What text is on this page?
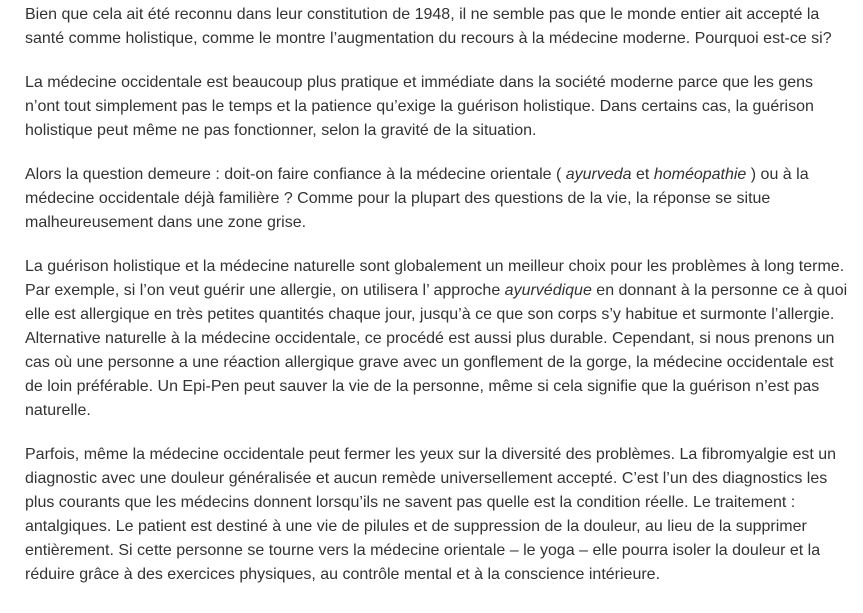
Bien que cela ait été reconnu dans leur constitution de 1948, il ne semble pas que le monde entier ait accepté la santé comme holistique, comme le montre l’augmentation du recours à la médecine moderne. Pourquoi est-ce si?

La médecine occidentale est beaucoup plus pratique et immédiate dans la société moderne parce que les gens n’ont tout simplement pas le temps et la patience qu’exige la guérison holistique. Dans certains cas, la guérison holistique peut même ne pas fonctionner, selon la gravité de la situation.

Alors la question demeure : doit-on faire confiance à la médecine orientale ( ayurveda et homéopathie ) ou à la médecine occidentale déjà familière ? Comme pour la plupart des questions de la vie, la réponse se situe malheureusement dans une zone grise.

La guérison holistique et la médecine naturelle sont globalement un meilleur choix pour les problèmes à long terme. Par exemple, si l’on veut guérir une allergie, on utilisera l’ approche ayurvédique en donnant à la personne ce à quoi elle est allergique en très petites quantités chaque jour, jusqu’à ce que son corps s’y habitue et surmonte l’allergie. Alternative naturelle à la médecine occidentale, ce procédé est aussi plus durable. Cependant, si nous prenons un cas où une personne a une réaction allergique grave avec un gonflement de la gorge, la médecine occidentale est de loin préférable. Un Epi-Pen peut sauver la vie de la personne, même si cela signifie que la guérison n’est pas naturelle.

Parfois, même la médecine occidentale peut fermer les yeux sur la diversité des problèmes. La fibromyalgie est un diagnostic avec une douleur généralisée et aucun remède universellement accepté. C’est l’un des diagnostics les plus courants que les médecins donnent lorsqu’ils ne savent pas quelle est la condition réelle. Le traitement : antalgiques. Le patient est destiné à une vie de pilules et de suppression de la douleur, au lieu de la supprimer entièrement. Si cette personne se tourne vers la médecine orientale – le yoga – elle pourra isoler la douleur et la réduire grâce à des exercices physiques, au contrôle mental et à la conscience intérieure.
